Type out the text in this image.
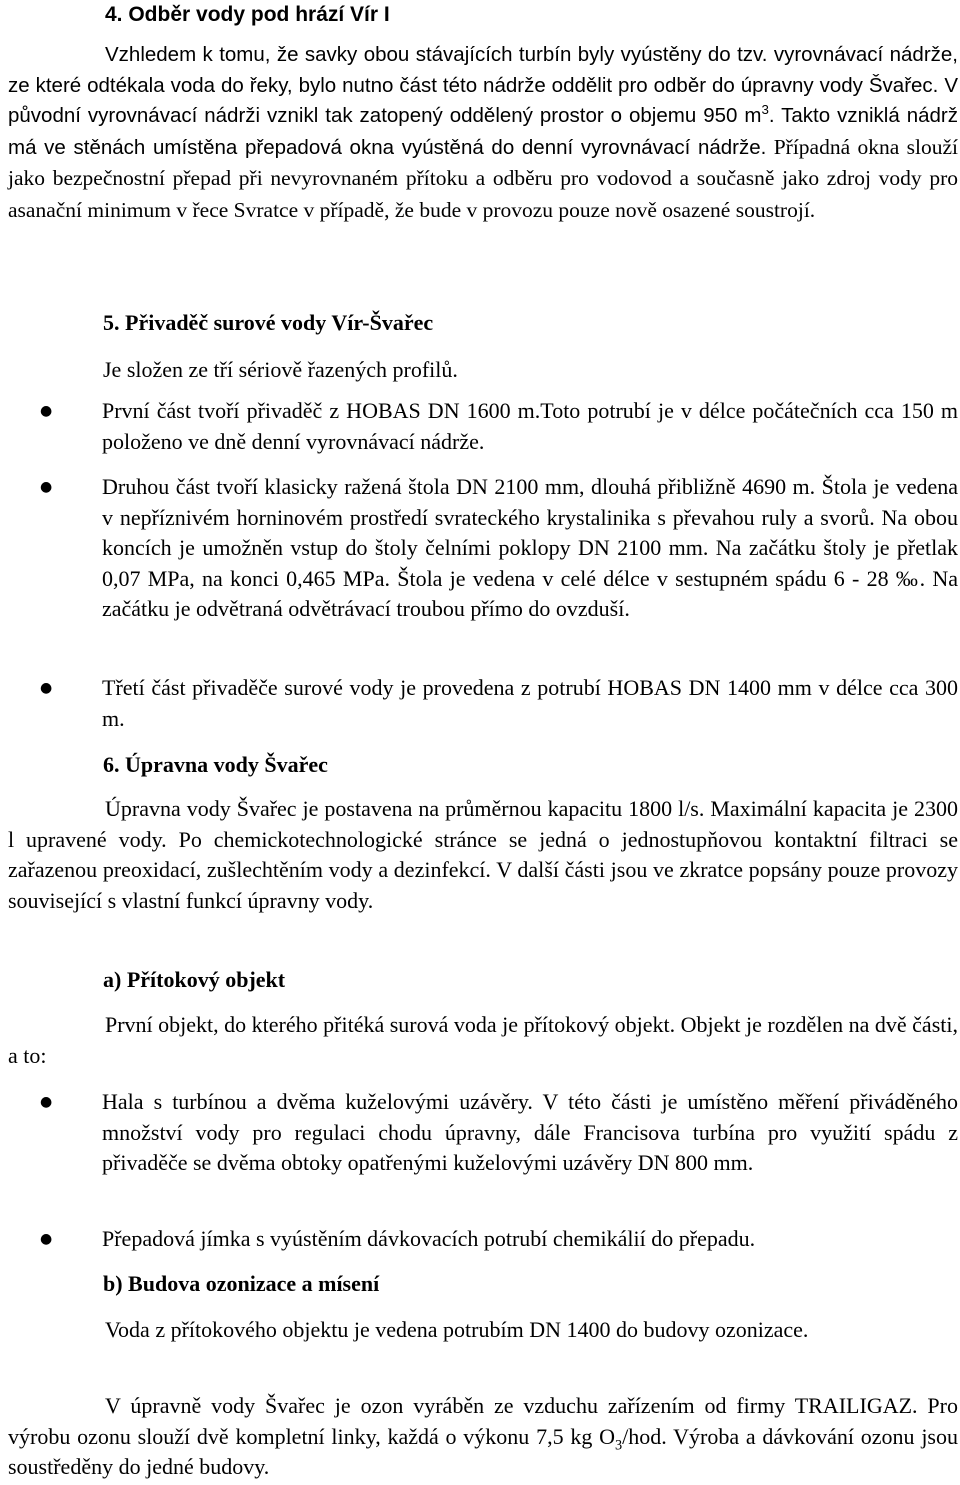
4. Odběr vody pod hrází Vír I

Vzhledem k tomu, že savky obou stávajících turbín byly vyústěny do tzv. vyrovnávací nádrže, ze které odtékala voda do řeky, bylo nutno část této nádrže oddělit pro odběr do úpravny vody Švařec. V původní vyrovnávací nádrži vznikl tak zatopený oddělený prostor o objemu 950 $m^3$. Takto vzniklá nádrž má ve stěnách umístěna přepadová okna vyústěná do denní vyrovnávací nádrže. Případná okna slouží jako bezpečnostní přepad při nevyrovnaném přítoku a odběru pro vodovod a současně jako zdroj vody pro asanační minimum v řece Svratce v případě, že bude v provozu pouze nově osazené soustrojí.

5. Přivaděč surové vody Vír-Švařec

Je složen ze tří sériově řazených profilů.

● První část tvoří přivaděč z HOBAS DN 1600 m.Toto potrubí je v délce počátečních cca 150 m položeno ve dně denní vyrovnávací nádrže.

● Druhou část tvoří klasicky ražená štola DN 2100 mm, dlouhá přibližně 4690 m. Štola je vedena v nepříznivém horninovém prostředí svrateckého krystalinika s převahou ruly a svorů. Na obou koncích je umožněn vstup do štoly čelními poklopy DN 2100 mm. Na začátku štoly je přetlak 0,07 MPa, na konci 0,465 MPa. Štola je vedena v celé délce v sestupném spádu 6 - 28 ‰. Na začátku je odvětraná odvětrávací troubou přímo do ovzduší.

● Třetí část přivaděče surové vody je provedena z potrubí HOBAS DN 1400 mm v délce cca 300 m.

6. Úpravna vody Švařec

Úpravna vody Švařec je postavena na průměrnou kapacitu 1800 l/s. Maximální kapacita je 2300 l upravené vody. Po chemickotechnologické stránce se jedná o jednostupňovou kontaktní filtraci se zařazenou preoxidací, zušlechtěním vody a dezinfekcí. V další části jsou ve zkratce popsány pouze provozy související s vlastní funkcí úpravny vody.

a) Přítokový objekt

První objekt, do kterého přitéká surová voda je přítokový objekt. Objekt je rozdělen na dvě části, a to:

● Hala s turbínou a dvěma kuželovými uzávěry. V této části je umístěno měření přiváděného množství vody pro regulaci chodu úpravny, dále Francisova turbína pro využití spádu z přivaděče se dvěma obtoky opatřenými kuželovými uzávěry DN 800 mm.

● Přepadová jímka s vyústěním dávkovacích potrubí chemikálií do přepadu.

b) Budova ozonizace a mísení

Voda z přítokového objektu je vedena potrubím DN 1400 do budovy ozonizace.

V úpravně vody Švařec je ozon vyráběn ze vzduchu zařízením od firmy TRAILIGAZ. Pro výrobu ozonu slouží dvě kompletní linky, každá o výkonu 7,5 kg $O_3$/hod. Výroba a dávkování ozonu jsou soustředěny do jedné budovy.
